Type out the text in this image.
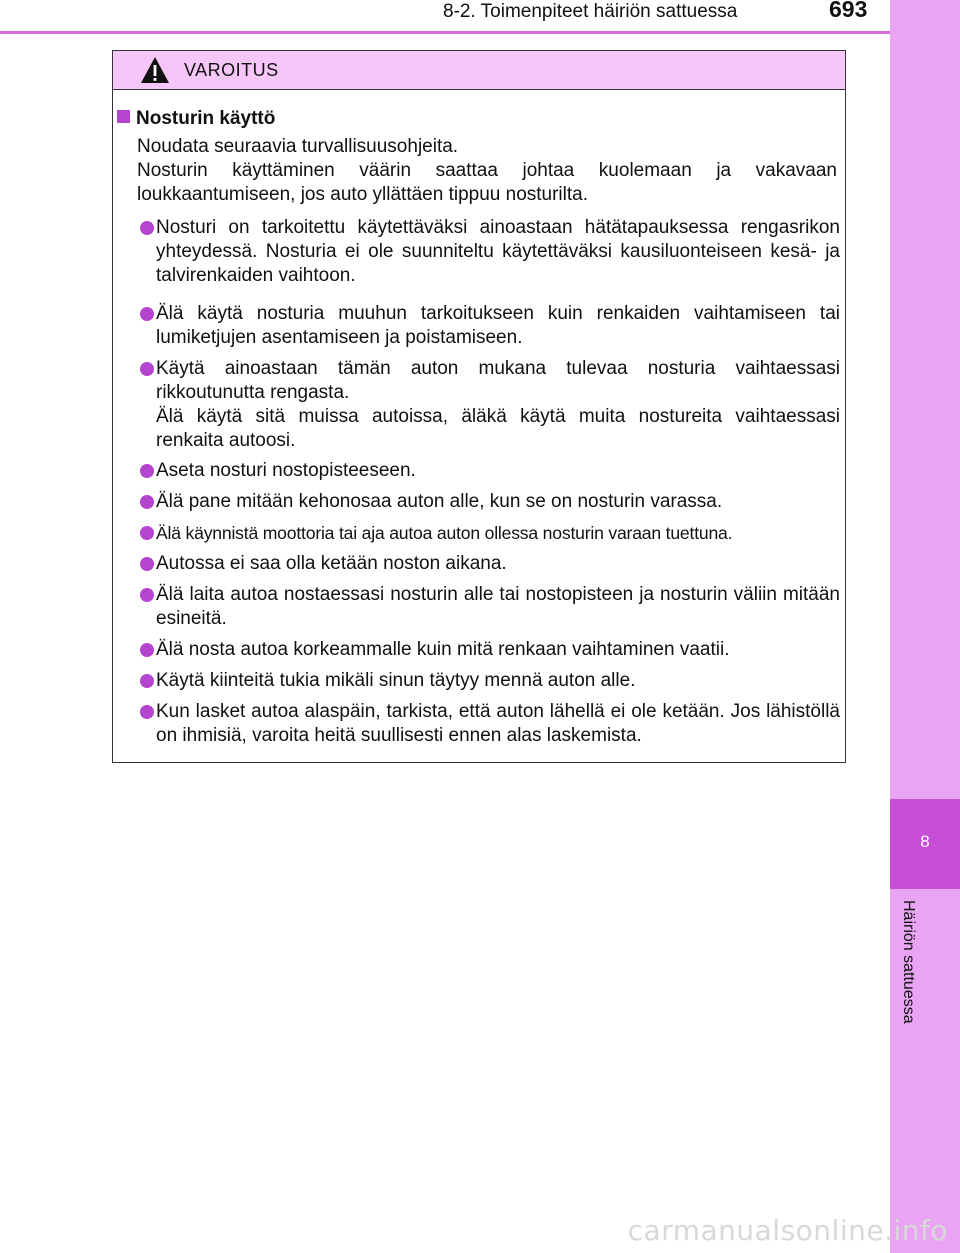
8-2. Toimenpiteet häiriön sattuessa	693
8
Häiriön sattuessa
VAROITUS
Nosturin käyttö

Noudata seuraavia turvallisuusohjeita.

Nosturin käyttäminen väärin saattaa johtaa kuolemaan ja vakavaan loukkaantumiseen, jos auto yllättäen tippuu nosturilta.

Nosturi on tarkoitettu käytettäväksi ainoastaan hätätapauksessa rengasrikon yhteydessä. Nosturia ei ole suunniteltu käytettäväksi kausiluonteiseen kesä- ja talvirenkaiden vaihtoon.
Älä käytä nosturia muuhun tarkoitukseen kuin renkaiden vaihtamiseen tai lumiketjujen asentamiseen ja poistamiseen.
Käytä ainoastaan tämän auton mukana tulevaa nosturia vaihtaessasi rikkoutunutta rengasta.
Älä käytä sitä muissa autoissa, äläkä käytä muita nostureita vaihtaessasi renkaita autoosi.
Aseta nosturi nostopisteeseen.
Älä pane mitään kehonosaa auton alle, kun se on nosturin varassa.
Älä käynnistä moottoria tai aja autoa auton ollessa nosturin varaan tuettuna.
Autossa ei saa olla ketään noston aikana.
Älä laita autoa nostaessasi nosturin alle tai nostopisteen ja nosturin väliin mitään esineitä.
Älä nosta autoa korkeammalle kuin mitä renkaan vaihtaminen vaatii.
Käytä kiinteitä tukia mikäli sinun täytyy mennä auton alle.
Kun lasket autoa alaspäin, tarkista, että auton lähellä ei ole ketään. Jos lähistöllä on ihmisiä, varoita heitä suullisesti ennen alas laskemista.
carmanualsonline.info
